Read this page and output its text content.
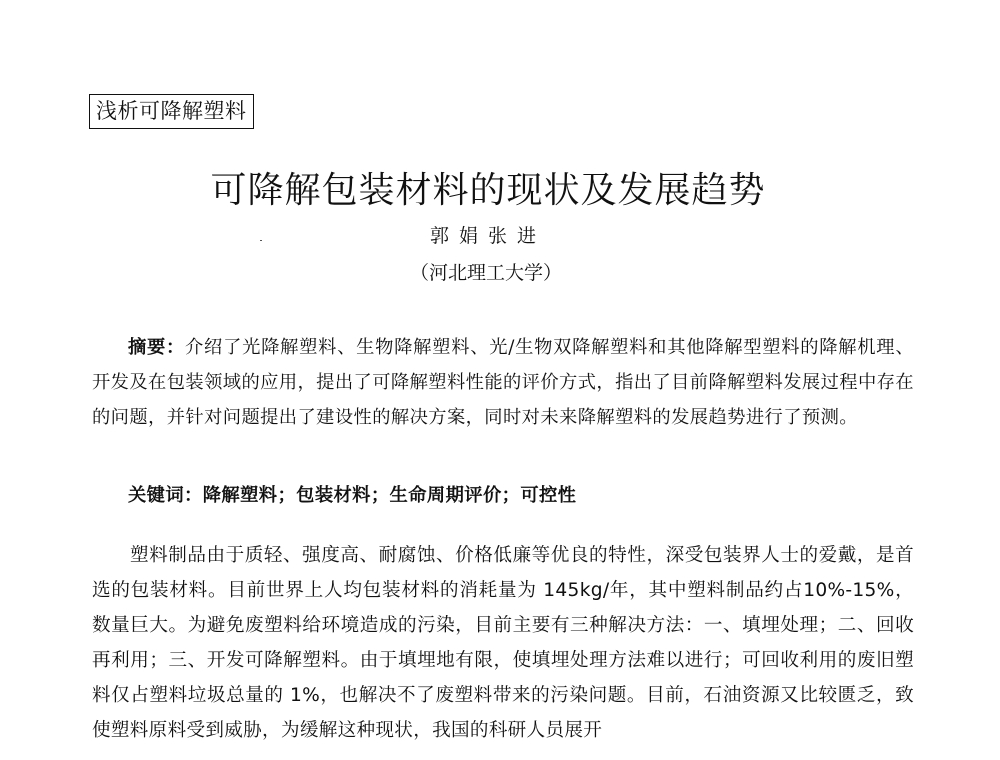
浅析可降解塑料
可降解包装材料的现状及发展趋势
郭娟张进
（河北理工大学）
摘要：介绍了光降解塑料、生物降解塑料、光/生物双降解塑料和其他降解型塑料的降解机理、开发及在包装领域的应用，提出了可降解塑料性能的评价方式，指出了目前降解塑料发展过程中存在的问题，并针对问题提出了建设性的解决方案，同时对未来降解塑料的发展趋势进行了预测。
关键词：降解塑料；包装材料；生命周期评价；可控性
塑料制品由于质轻、强度高、耐腐蚀、价格低廉等优良的特性，深受包装界人士的爱戴，是首选的包装材料。目前世界上人均包装材料的消耗量为 145kg/年，其中塑料制品约占10%-15%，数量巨大。为避免废塑料给环境造成的污染，目前主要有三种解决方法：一、填埋处理；二、回收再利用；三、开发可降解塑料。由于填埋地有限，使填埋处理方法难以进行；可回收利用的废旧塑料仅占塑料垃圾总量的 1%，也解决不了废塑料带来的污染问题。目前，石油资源又比较匮乏，致使塑料原料受到威胁，为缓解这种现状，我国的科研人员展开
